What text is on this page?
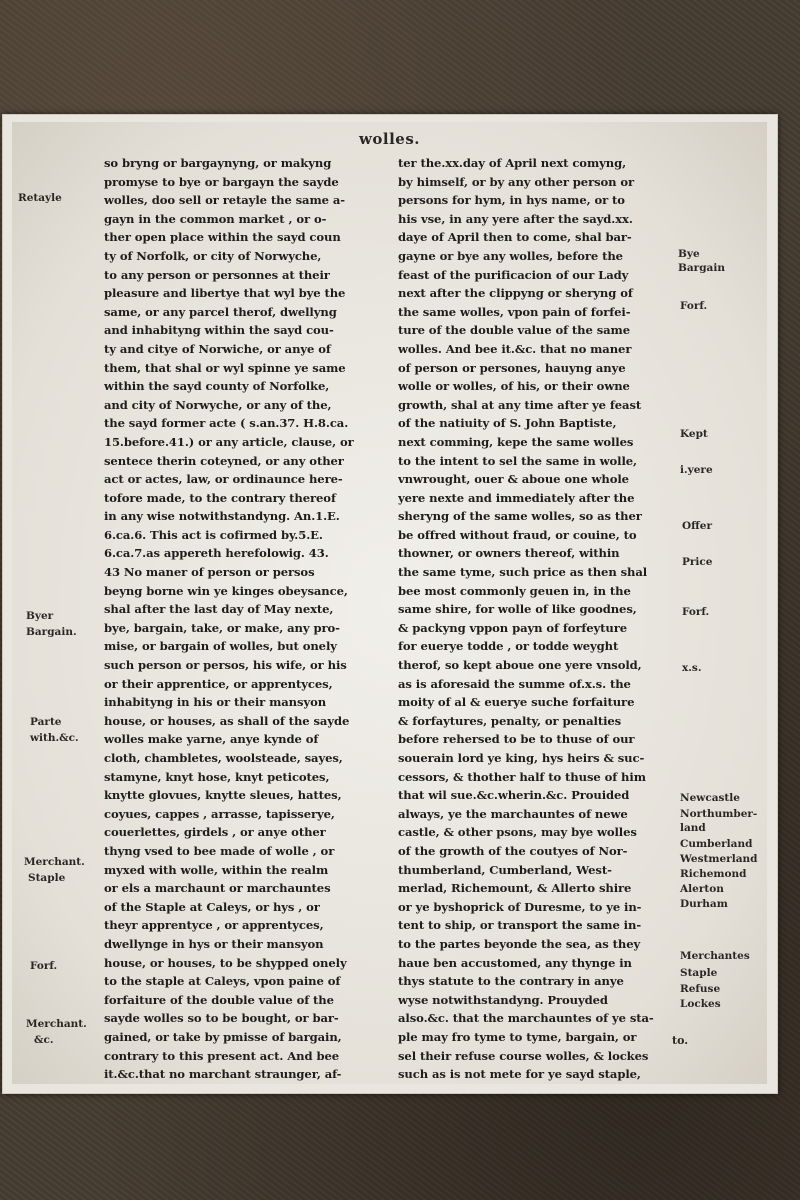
wolles.
so bryng or bargaynyng, or makyng
promyse to bye or bargayn the sayde
wolles, doo sell or retayle the same a-
gayn in the common market , or o-
ther open place within the sayd coun
ty of Norfolk, or city of Norwyche,
to any person or personnes at their
pleasure and libertye that wyl bye the
same, or any parcel therof, dwellyng
and inhabityng within the sayd cou-
ty and citye of Norwiche, or anye of
them, that shal or wyl spinne ye same
within the sayd county of Norfolke,
and city of Norwyche, or any of the,
the sayd former acte ( s.an.37. H.8.ca.
15.before.41.) or any article, clause, or
sentece therin coteyned, or any other
act or actes, law, or ordinaunce here-
tofore made, to the contrary thereof
in any wise notwithstandyng. An.1.E.
6.ca.6. This act is cofirmed by.5.E.
6.ca.7.as appereth herefolowig. 43.
43 No maner of person or persos
beyng borne win ye kinges obeysance,
shal after the last day of May nexte,
bye, bargain, take, or make, any pro-
mise, or bargain of wolles, but onely
such person or persos, his wife, or his
or their apprentice, or apprentyces,
inhabityng in his or their mansyon
house, or houses, as shall of the sayde
wolles make yarne, anye kynde of
cloth, chambletes, woolsteade, sayes,
stamyne, knyt hose, knyt peticotes,
knytte glovues, knytte sleues, hattes,
coyues, cappes , arrasse, tapisserye,
couerlettes, girdels , or anye other
thyng vsed to bee made of wolle , or
myxed with wolle, within the realm
or els a marchaunt or marchauntes
of the Staple at Caleys, or hys , or
theyr apprentyce , or apprentyces,
dwellynge in hys or their mansyon
house, or houses, to be shypped onely
to the staple at Caleys, vpon paine of
forfaiture of the double value of the
sayde wolles so to be bought, or bar-
gained, or take by pmisse of bargain,
contrary to this present act. And bee
it.&c.that no marchant straunger, af-
ter the.xx.day of April next comyng,
by himself, or by any other person or
persons for hym, in hys name, or to
his vse, in any yere after the sayd.xx.
daye of April then to come, shal bar-
gayne or bye any wolles, before the
feast of the purificacion of our Lady
next after the clippyng or sheryng of
the same wolles, vpon pain of forfei-
ture of the double value of the same
wolles. And bee it.&c. that no maner
of person or persones, hauyng anye
wolle or wolles, of his, or their owne
growth, shal at any time after ye feast
of the natiuity of S. John Baptiste,
next comming, kepe the same wolles
to the intent to sel the same in wolle,
vnwrought, ouer & aboue one whole
yere nexte and immediately after the
sheryng of the same wolles, so as ther
be offred without fraud, or couine, to
thowner, or owners thereof, within
the same tyme, such price as then shal
bee most commonly geuen in, in the
same shire, for wolle of like goodnes,
& packyng vppon payn of forfeyture
for euerye todde , or todde weyght
therof, so kept aboue one yere vnsold,
as is aforesaid the summe of.x.s. the
moity of al & euerye suche forfaiture
& forfaytures, penalty, or penalties
before rehersed to be to thuse of our
souerain lord ye king, hys heirs & suc-
cessors, & thother half to thuse of him
that wil sue.&c.wherin.&c. Prouided
always, ye the marchauntes of newe
castle, & other psons, may bye wolles
of the growth of the coutyes of Nor-
thumberland, Cumberland, West-
merlad, Richemount, & Allerto shire
or ye byshoprick of Duresme, to ye in-
tent to ship, or transport the same in-
to the partes beyonde the sea, as they
haue ben accustomed, any thynge in
thys statute to the contrary in anye
wyse notwithstandyng. Prouyded
also.&c. that the marchauntes of ye sta-
ple may fro tyme to tyme, bargain, or
sel their refuse course wolles, & lockes
such as is not mete for ye sayd staple,
Retayle
Byer
Bargain.
Parte
with.&c.
Merchant.
Staple
Forf.
Merchant.
&c.
Bye
Bargain
Forf.
Kept
i.yere
Offer
Price
Forf.
x.s.
Newcastle
Northumber-
land
Cumberland
Westmerland
Richemond
Alerton
Durham
Merchantes
Staple
Refuse
Lockes
to.
